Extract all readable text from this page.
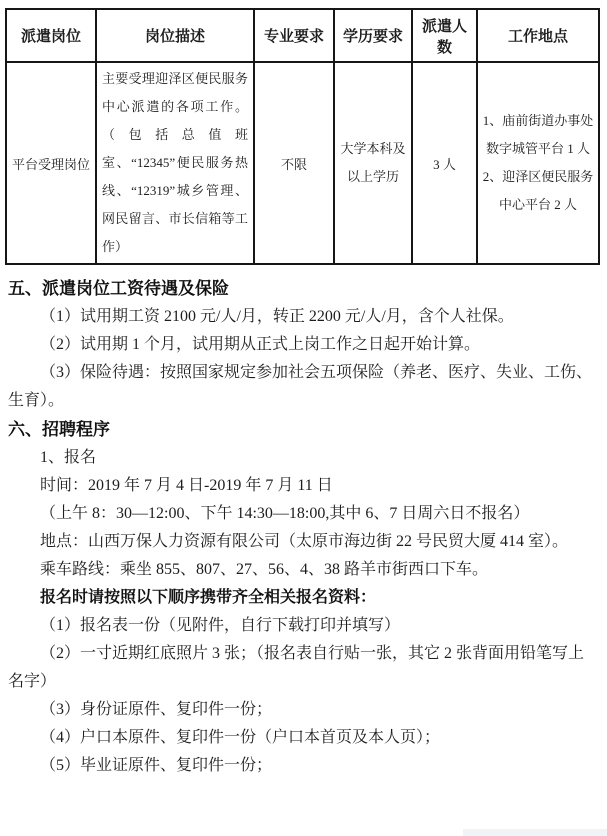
派遣岗位	岗位描述	专业要求	学历要求	派遣人数	工作地点
平台受理岗位	主要受理迎泽区便民服务中心派遣的各项工作。（包括总值班室、“12345”便民服务热线、“12319”城乡管理、网民留言、市长信箱等工作）	不限	大学本科及以上学历	3 人	1、庙前街道办事处数字城管平台 1 人
2、迎泽区便民服务中心平台 2 人
五、派遣岗位工资待遇及保险

（1）试用期工资 2100 元/人/月，转正 2200 元/人/月，含个人社保。

（2）试用期 1 个月，试用期从正式上岗工作之日起开始计算。

（3）保险待遇：按照国家规定参加社会五项保险（养老、医疗、失业、工伤、生育）。

六、招聘程序

1、报名

时间：2019 年 7 月 4 日-2019 年 7 月 11 日

（上午 8：30—12:00、下午 14:30—18:00,其中 6、7 日周六日不报名）

地点：山西万保人力资源有限公司（太原市海边街 22 号民贸大厦 414 室）。

乘车路线：乘坐 855、807、27、56、4、38 路羊市街西口下车。

报名时请按照以下顺序携带齐全相关报名资料：

（1）报名表一份（见附件，自行下载打印并填写）

（2）一寸近期红底照片 3 张；（报名表自行贴一张，其它 2 张背面用铅笔写上名字）

（3）身份证原件、复印件一份；

（4）户口本原件、复印件一份（户口本首页及本人页）；

（5）毕业证原件、复印件一份；
